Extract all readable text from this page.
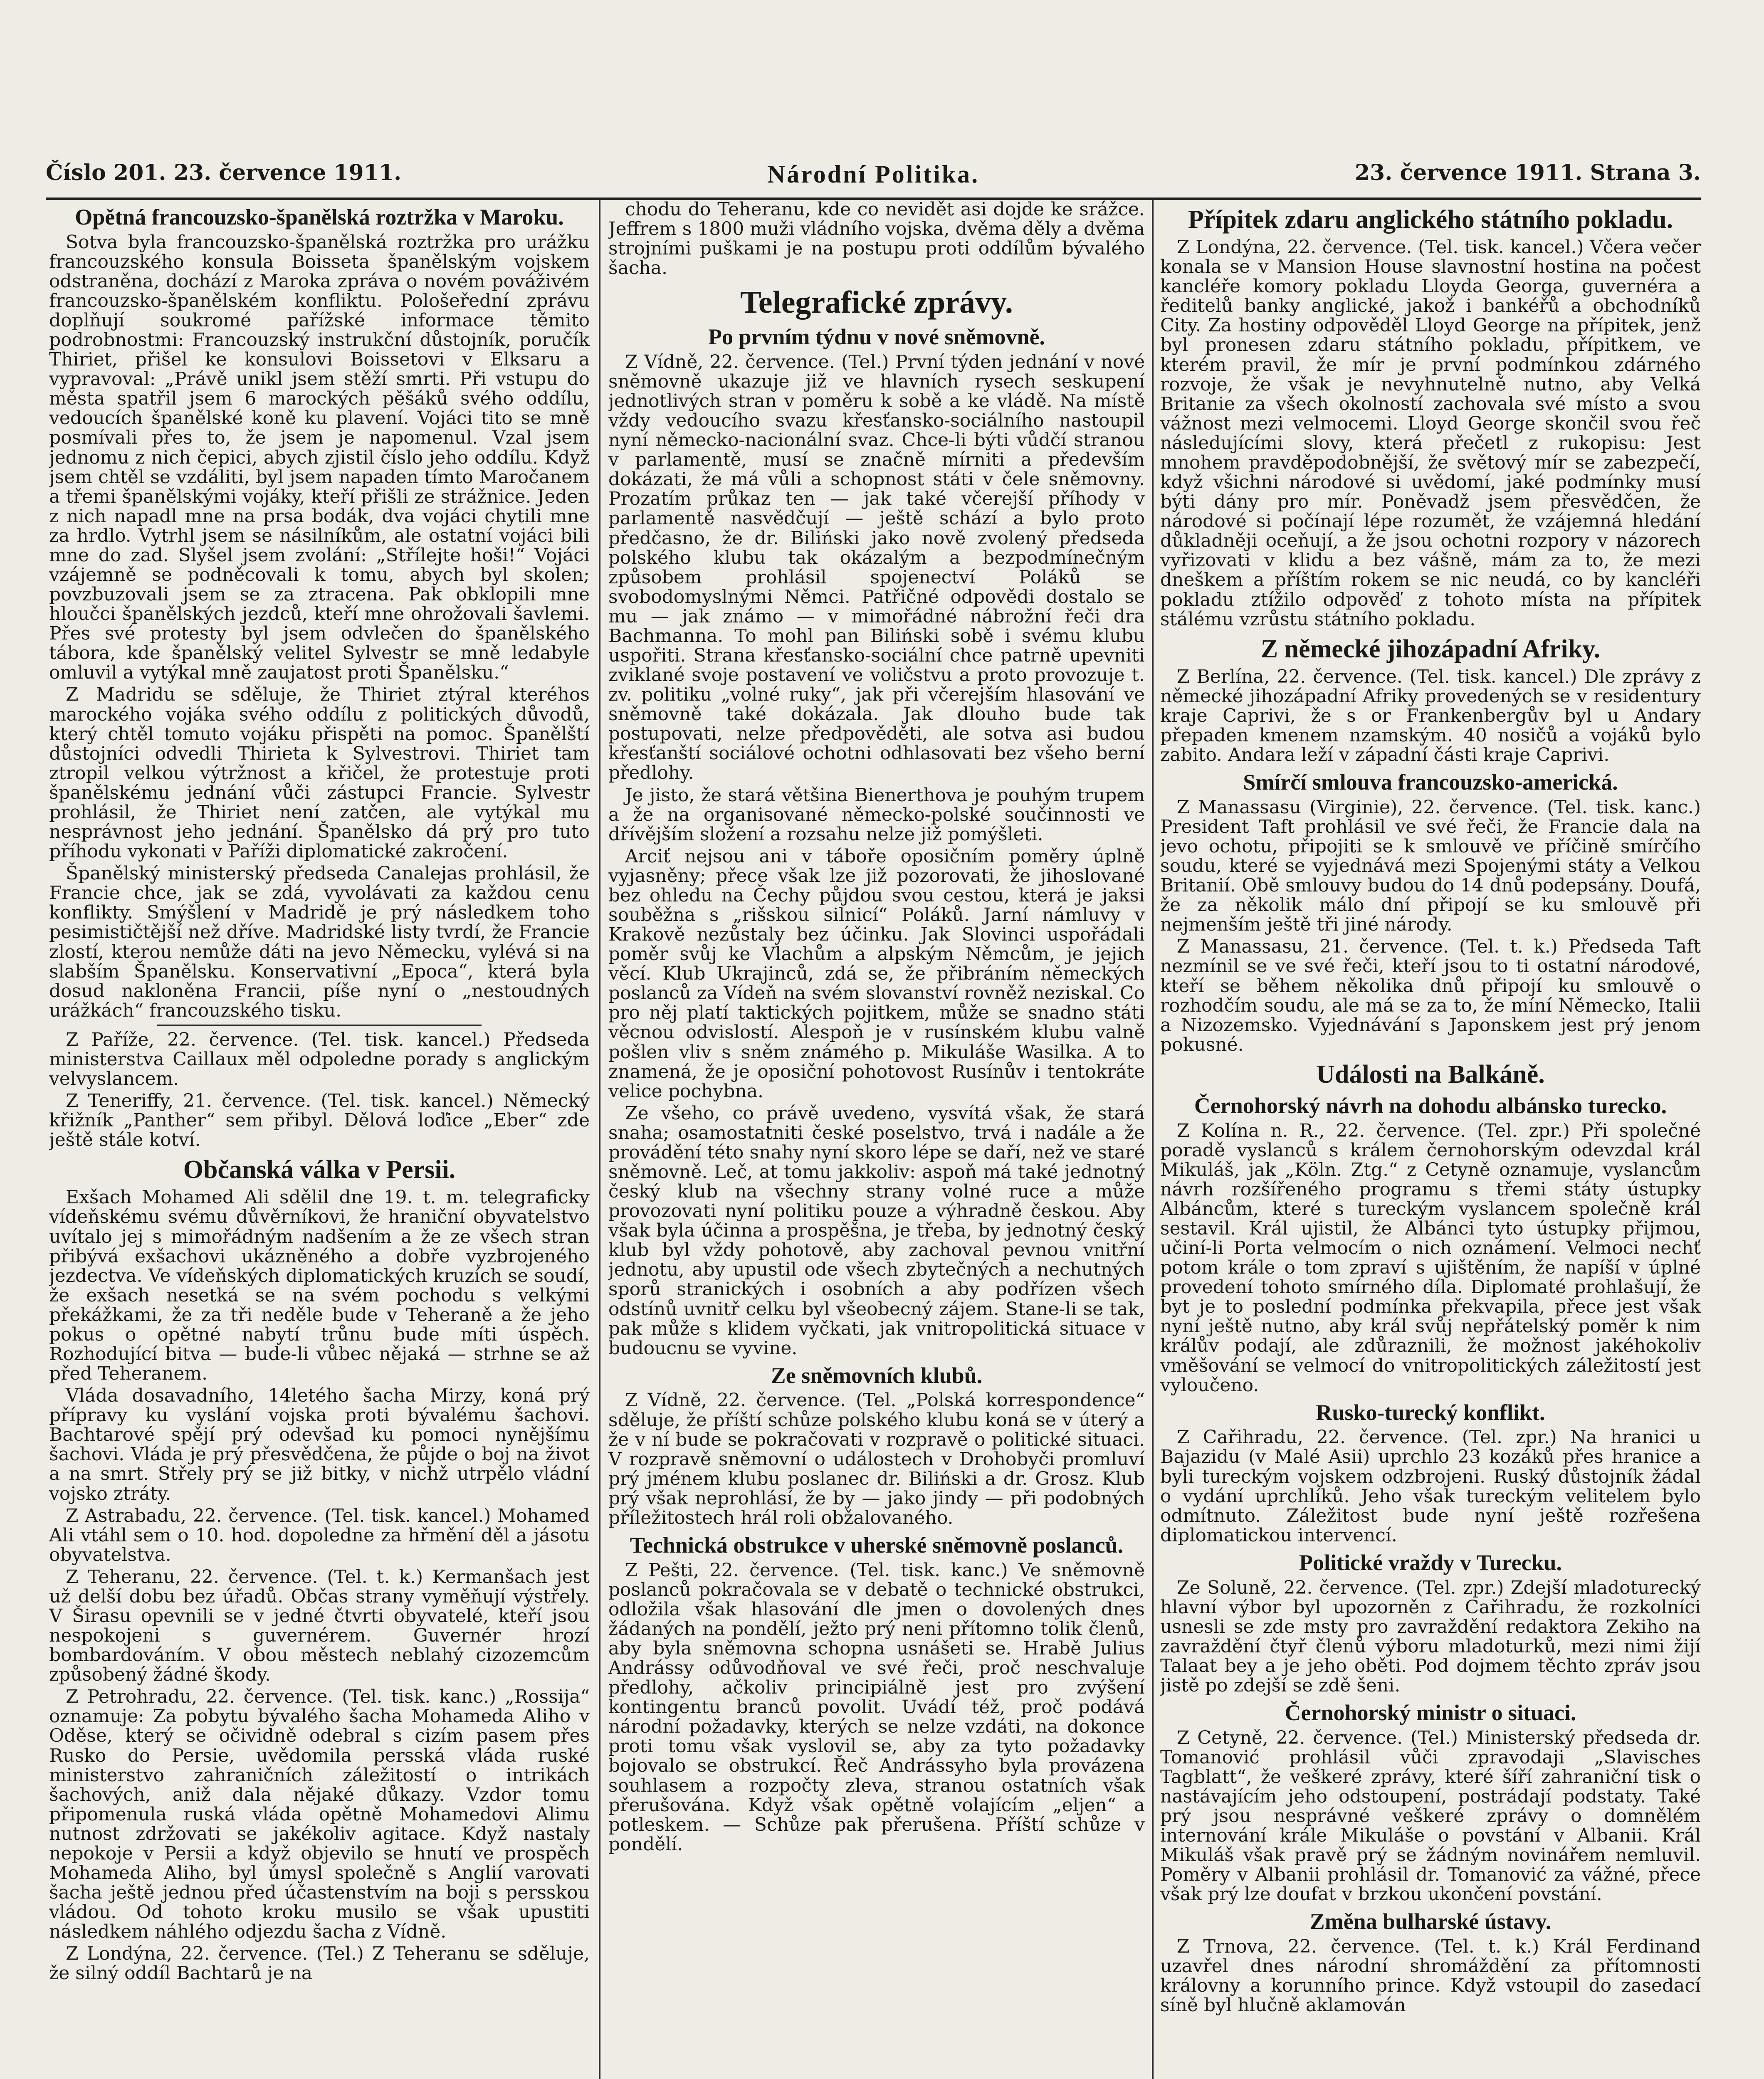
Národní Politika.
Číslo 201. 23. července 1911.	23. července 1911. Strana 3.
Opětná francouzsko-španělská roztržka v Maroku.

Sotva byla francouzsko-španělská roztržka pro urážku francouzského konsula Boisseta španělským vojskem odstraněna, dochází z Maroka zpráva o novém pováživém francouzsko-španělském konfliktu. Pološeřední zprávu doplňují soukromé pařížské informace těmito podrobnostmi: Francouzský instrukční důstojník, poručík Thiriet, přišel ke konsulovi Boissetovi v Elksaru a vypravoval: „Právě unikl jsem stěží smrti. Při vstupu do města spatřil jsem 6 marockých pěšáků svého oddílu, vedoucích španělské koně ku plavení. Vojáci tito se mně posmívali přes to, že jsem je napomenul. Vzal jsem jednomu z nich čepici, abych zjistil číslo jeho oddílu. Když jsem chtěl se vzdáliti, byl jsem napaden tímto Maročanem a třemi španělskými vojáky, kteří přišli ze strážnice. Jeden z nich napadl mne na prsa bodák, dva vojáci chytili mne za hrdlo. Vytrhl jsem se násilníkům, ale ostatní vojáci bili mne do zad. Slyšel jsem zvolání: „Střílejte hoši!“ Vojáci vzájemně se podněcovali k tomu, abych byl skolen; povzbuzovali jsem se za ztracena. Pak obklopili mne hloučci španělských jezdců, kteří mne ohrožovali šavlemi. Přes své protesty byl jsem odvlečen do španělského tábora, kde španělský velitel Sylvestr se mně ledabyle omluvil a vytýkal mně zaujatost proti Španělsku.“

Z Madridu se sděluje, že Thiriet ztýral kteréhos marockého vojáka svého oddílu z politických důvodů, který chtěl tomuto vojáku přispěti na pomoc. Španělští důstojníci odvedli Thirieta k Sylvestrovi. Thiriet tam ztropil velkou výtržnost a křičel, že protestuje proti španělskému jednání vůči zástupci Francie. Sylvestr prohlásil, že Thiriet není zatčen, ale vytýkal mu nesprávnost jeho jednání. Španělsko dá prý pro tuto příhodu vykonati v Paříži diplomatické zakročení.

Španělský ministerský předseda Canalejas prohlásil, že Francie chce, jak se zdá, vyvolávati za každou cenu konflikty. Smýšlení v Madridě je prý následkem toho pesimističtější než dříve. Madridské listy tvrdí, že Francie zlostí, kterou nemůže dáti na jevo Německu, vylévá si na slabším Španělsku. Konservativní „Epoca“, která byla dosud nakloněna Francii, píše nyní o „nestoudných urážkách“ francouzského tisku.

Z Paříže, 22. července. (Tel. tisk. kancel.) Předseda ministerstva Caillaux měl odpoledne porady s anglickým velvyslancem.

Z Teneriffy, 21. července. (Tel. tisk. kancel.) Německý křižník „Panther“ sem přibyl. Dělová loďice „Eber“ zde ještě stále kotví.

Občanská válka v Persii.

Exšach Mohamed Ali sdělil dne 19. t. m. telegraficky vídeňskému svému důvěrníkovi, že hraniční obyvatelstvo uvítalo jej s mimořádným nadšením a že ze všech stran přibývá exšachovi ukázněného a dobře vyzbrojeného jezdectva. Ve vídeňských diplomatických kruzích se soudí, že exšach nesetká se na svém pochodu s velkými překážkami, že za tři neděle bude v Teheraně a že jeho pokus o opětné nabytí trůnu bude míti úspěch. Rozhodující bitva — bude-li vůbec nějaká — strhne se až před Teheranem.

Vláda dosavadního, 14letého šacha Mirzy, koná prý přípravy ku vyslání vojska proti bývalému šachovi. Bachtarové spějí prý odevšad ku pomoci nynějšímu šachovi. Vláda je prý přesvědčena, že půjde o boj na život a na smrt. Střely prý se již bitky, v nichž utrpělo vládní vojsko ztráty.

Z Astrabadu, 22. července. (Tel. tisk. kancel.) Mohamed Ali vtáhl sem o 10. hod. dopoledne za hřmění děl a jásotu obyvatelstva.

Z Teheranu, 22. července. (Tel. t. k.) Kermanšach jest už delší dobu bez úřadů. Občas strany vyměňují výstřely. V Širasu opevnili se v jedné čtvrti obyvatelé, kteří jsou nespokojeni s guvernérem. Guvernér hrozí bombardováním. V obou městech neblahý cizozemcům způsobený žádné škody.

Z Petrohradu, 22. července. (Tel. tisk. kanc.) „Rossija“ oznamuje: Za pobytu bývalého šacha Mohameda Aliho v Oděse, který se očividně odebral s cizím pasem přes Rusko do Persie, uvědomila persská vláda ruské ministerstvo zahraničních záležitostí o intrikách šachových, aniž dala nějaké důkazy. Vzdor tomu připomenula ruská vláda opětně Mohamedovi Alimu nutnost zdržovati se jakékoliv agitace. Když nastaly nepokoje v Persii a když objevilo se hnutí ve prospěch Mohameda Aliho, byl úmysl společně s Anglií varovati šacha ještě jednou před účastenstvím na boji s persskou vládou. Od tohoto kroku musilo se však upustiti následkem náhlého odjezdu šacha z Vídně.

Z Londýna, 22. července. (Tel.) Z Teheranu se sděluje, že silný oddíl Bachtarů je na

chodu do Teheranu, kde co nevidět asi dojde ke srážce. Jeffrem s 1800 muži vládního vojska, dvěma děly a dvěma strojními puškami je na postupu proti oddílům bývalého šacha.

Telegrafické zprávy.
Po prvním týdnu v nové sněmovně.

Z Vídně, 22. července. (Tel.) První týden jednání v nové sněmovně ukazuje již ve hlavních rysech seskupení jednotlivých stran v poměru k sobě a ke vládě. Na místě vždy vedoucího svazu křesťansko-sociálního nastoupil nyní německo-nacionální svaz. Chce-li býti vůdčí stranou v parlamentě, musí se značně mírniti a především dokázati, že má vůli a schopnost státi v čele sněmovny. Prozatím průkaz ten — jak také včerejší příhody v parlamentě nasvědčují — ještě schází a bylo proto předčasno, že dr. Biliński jako nově zvolený předseda polského klubu tak okázalým a bezpodmínečným způsobem prohlásil spojenectví Poláků se svobodomyslnými Němci. Patřičné odpovědi dostalo se mu — jak známo — v mimořádné nábrožní řeči dra Bachmanna. To mohl pan Biliński sobě i svému klubu uspořiti. Strana křesťansko-sociální chce patrně upevniti zviklané svoje postavení ve voličstvu a proto provozuje t. zv. politiku „volné ruky“, jak při včerejším hlasování ve sněmovně také dokázala. Jak dlouho bude tak postupovati, nelze předpověděti, ale sotva asi budou křesťanští sociálové ochotni odhlasovati bez všeho berní předlohy.

Je jisto, že stará většina Bienerthova je pouhým trupem a že na organisované německo-polské součinnosti ve dřívějším složení a rozsahu nelze již pomýšleti.

Arciť nejsou ani v táboře oposičním poměry úplně vyjasněny; přece však lze již pozorovati, že jihoslované bez ohledu na Čechy půjdou svou cestou, která je jaksi souběžna s „rišskou silnicí“ Poláků. Jarní námluvy v Krakově nezůstaly bez účinku. Jak Slovinci uspořádali poměr svůj ke Vlachům a alpským Němcům, je jejich věcí. Klub Ukrajinců, zdá se, že přibráním německých poslanců za Vídeň na svém slovanství rovněž neziskal. Co pro něj platí taktických pojitkem, může se snadno státi věcnou odvislostí. Alespoň je v rusínském klubu valně pošlen vliv s sněm známého p. Mikuláše Wasilka. A to znamená, že je oposiční pohotovost Rusínův i tentokráte velice pochybna.

Ze všeho, co právě uvedeno, vysvítá však, že stará snaha; osamostatniti české poselstvo, trvá i nadále a že provádění této snahy nyní skoro lépe se daří, než ve staré sněmovně. Leč, at tomu jakkoliv: aspoň má také jednotný český klub na všechny strany volné ruce a může provozovati nyní politiku pouze a výhradně českou. Aby však byla účinna a prospěšna, je třeba, by jednotný český klub byl vždy pohotově, aby zachoval pevnou vnitřní jednotu, aby upustil ode všech zbytečných a nechutných sporů stranických i osobních a aby podřízen všech odstínů uvnitř celku byl všeobecný zájem. Stane-li se tak, pak může s klidem vyčkati, jak vnitropolitická situace v budoucnu se vyvine.

Ze sněmovních klubů.

Z Vídně, 22. července. (Tel. „Polská korrespondence“ sděluje, že příští schůze polského klubu koná se v úterý a že v ní bude se pokračovati v rozpravě o politické situaci. V rozpravě sněmovní o událostech v Drohobyči promluví prý jménem klubu poslanec dr. Biliński a dr. Grosz. Klub prý však neprohlásí, že by — jako jindy — při podobných příležitostech hrál roli obžalovaného.

Technická obstrukce v uherské sněmovně poslanců.

Z Pešti, 22. července. (Tel. tisk. kanc.) Ve sněmovně poslanců pokračovala se v debatě o technické obstrukci, odložila však hlasování dle jmen o dovolených dnes žádaných na pondělí, ježto prý neni přítomno tolik členů, aby byla sněmovna schopna usnášeti se. Hrabě Julius Andrássy odůvodňoval ve své řeči, proč neschvaluje předlohy, ačkoliv principiálně jest pro zvýšení kontingentu branců povolit. Uvádí též, proč podává národní požadavky, kterých se nelze vzdáti, na dokonce proti tomu však vyslovil se, aby za tyto požadavky bojovalo se obstrukcí. Řeč Andrássyho byla provázena souhlasem a rozpočty zleva, stranou ostatních však přerušována. Když však opětně volajícím „eljen“ a potleskem. — Schůze pak přerušena. Příští schůze v pondělí.

Přípitek zdaru anglického státního pokladu.

Z Londýna, 22. července. (Tel. tisk. kancel.) Včera večer konala se v Mansion House slavnostní hostina na počest kancléře komory pokladu Lloyda Georga, guvernéra a ředitelů banky anglické, jakož i bankéřů a obchodníků City. Za hostiny odpověděl Lloyd George na přípitek, jenž byl pronesen zdaru státního pokladu, přípitkem, ve kterém pravil, že mír je první podmínkou zdárného rozvoje, že však je nevyhnutelně nutno, aby Velká Britanie za všech okolností zachovala své místo a svou vážnost mezi velmocemi. Lloyd George skončil svou řeč následujícími slovy, která přečetl z rukopisu: Jest mnohem pravděpodobnější, že světový mír se zabezpečí, když všichni národové si uvědomí, jaké podmínky musí býti dány pro mír. Poněvadž jsem přesvědčen, že národové si počínají lépe rozumět, že vzájemná hledání důkladněji oceňují, a že jsou ochotni rozpory v názorech vyřizovati v klidu a bez vášně, mám za to, že mezi dneškem a příštím rokem se nic neudá, co by kancléři pokladu ztížilo odpověď z tohoto místa na přípitek stálému vzrůstu státního pokladu.

Z německé jihozápadní Afriky.

Z Berlína, 22. července. (Tel. tisk. kancel.) Dle zprávy z německé jihozápadní Afriky provedených se v residentury kraje Caprivi, že s or Frankenbergův byl u Andary přepaden kmenem nzamským. 40 nosičů a vojáků bylo zabito. Andara leží v západní části kraje Caprivi.

Smírčí smlouva francouzsko-americká.

Z Manassasu (Virginie), 22. července. (Tel. tisk. kanc.) President Taft prohlásil ve své řeči, že Francie dala na jevo ochotu, připojiti se k smlouvě ve příčině smírčího soudu, které se vyjednává mezi Spojenými státy a Velkou Britanií. Obě smlouvy budou do 14 dnů podepsány. Doufá, že za několik málo dní připojí se ku smlouvě při nejmenším ještě tři jiné národy.

Z Manassasu, 21. července. (Tel. t. k.) Předseda Taft nezmínil se ve své řeči, kteří jsou to ti ostatní národové, kteří se během několika dnů připojí ku smlouvě o rozhodčím soudu, ale má se za to, že míní Německo, Italii a Nizozemsko. Vyjednávání s Japonskem jest prý jenom pokusné.

Události na Balkáně.
Černohorský návrh na dohodu albánsko turecko.

Z Kolína n. R., 22. července. (Tel. zpr.) Při společné poradě vyslanců s králem černohorským odevzdal král Mikuláš, jak „Köln. Ztg.“ z Cetyně oznamuje, vyslancům návrh rozšířeného programu s třemi státy ústupky Albáncům, které s tureckým vyslancem společně král sestavil. Král ujistil, že Albánci tyto ústupky přijmou, učiní-li Porta velmocím o nich oznámení. Velmoci nechť potom krále o tom zpraví s ujištěním, že napíší v úplné provedení tohoto smírného díla. Diplomaté prohlašují, že byt je to poslední podmínka překvapila, přece jest však nyní ještě nutno, aby král svůj nepřátelský poměr k nim králův podají, ale zdůraznili, že možnost jakéhokoliv vměšování se velmocí do vnitropolitických záležitostí jest vyloučeno.

Rusko-turecký konflikt.

Z Cařihradu, 22. července. (Tel. zpr.) Na hranici u Bajazidu (v Malé Asii) uprchlo 23 kozáků přes hranice a byli tureckým vojskem odzbrojeni. Ruský důstojník žádal o vydání uprchlíků. Jeho však tureckým velitelem bylo odmítnuto. Záležitost bude nyní ještě rozřešena diplomatickou intervencí.

Politické vraždy v Turecku.

Ze Soluně, 22. července. (Tel. zpr.) Zdejší mladoturecký hlavní výbor byl upozorněn z Cařihradu, že rozkolníci usnesli se zde msty pro zavraždění redaktora Zekiho na zavraždění čtyř členů výboru mladoturků, mezi nimi žijí Talaat bey a je jeho oběti. Pod dojmem těchto zpráv jsou jistě po zdejší se zdě šeni.

Černohorský ministr o situaci.

Z Cetyně, 22. července. (Tel.) Ministerský předseda dr. Tomanović prohlásil vůči zpravodaji „Slavisches Tagblatt“, že veškeré zprávy, které šíří zahraniční tisk o nastávajícím jeho odstoupení, postrádají podstaty. Také prý jsou nesprávné veškeré zprávy o domnělém internování krále Mikuláše o povstání v Albanii. Král Mikuláš však pravě prý se žádným novinářem nemluvil. Poměry v Albanii prohlásil dr. Tomanović za vážné, přece však prý lze doufat v brzkou ukončení povstání.

Změna bulharské ústavy.

Z Trnova, 22. července. (Tel. t. k.) Král Ferdinand uzavřel dnes národní shromáždění za přítomnosti královny a korunního prince. Když vstoupil do zasedací síně byl hlučně aklamován
